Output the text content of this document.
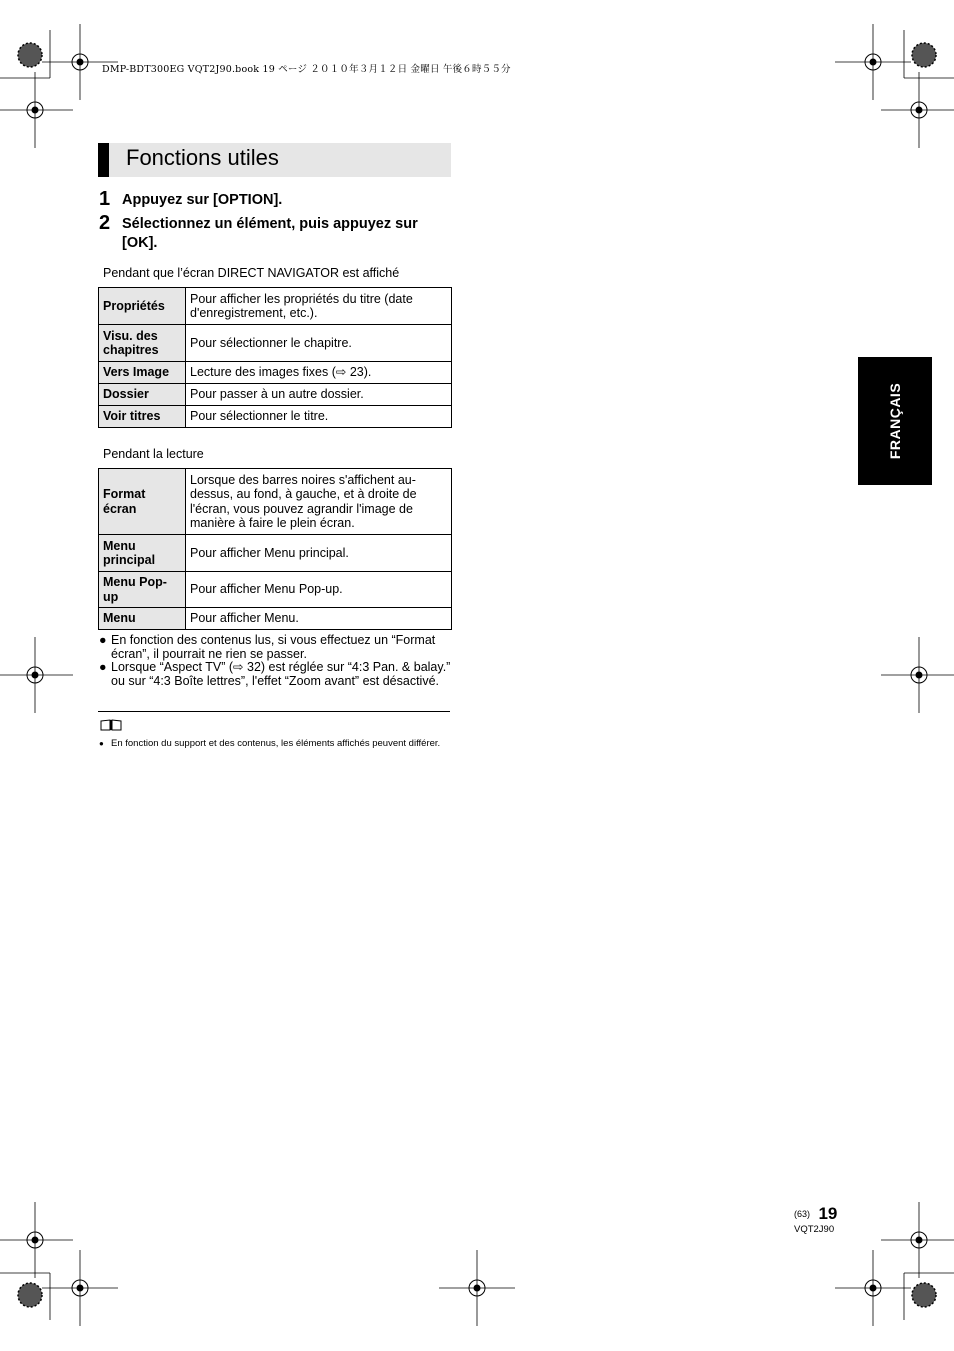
DMP-BDT300EG VQT2J90.book 19 ページ ２０１０年３月１２日 金曜日 午後６時５５分
Fonctions utiles
1 Appuyez sur [OPTION].
2 Sélectionnez un élément, puis appuyez sur [OK].
Pendant que l’écran DIRECT NAVIGATOR est affiché
Propriétés	Pour afficher les propriétés du titre (date d'enregistrement, etc.).
Visu. des chapitres	Pour sélectionner le chapitre.
Vers Image	Lecture des images fixes (⇨ 23).
Dossier	Pour passer à un autre dossier.
Voir titres	Pour sélectionner le titre.
Pendant la lecture
Format écran	Lorsque des barres noires s'affichent au-dessus, au fond, à gauche, et à droite de l'écran, vous pouvez agrandir l'image de manière à faire le plein écran.
Menu principal	Pour afficher Menu principal.
Menu Pop-up	Pour afficher Menu Pop-up.
Menu	Pour afficher Menu.
● En fonction des contenus lus, si vous effectuez un “Format écran”, il pourrait ne rien se passer.
● Lorsque “Aspect TV” (⇨ 32) est réglée sur “4:3 Pan. & balay.” ou sur “4:3 Boîte lettres”, l'effet “Zoom avant” est désactivé.
● En fonction du support et des contenus, les éléments affichés peuvent différer.
FRANÇAIS
(63) 19
VQT2J90
